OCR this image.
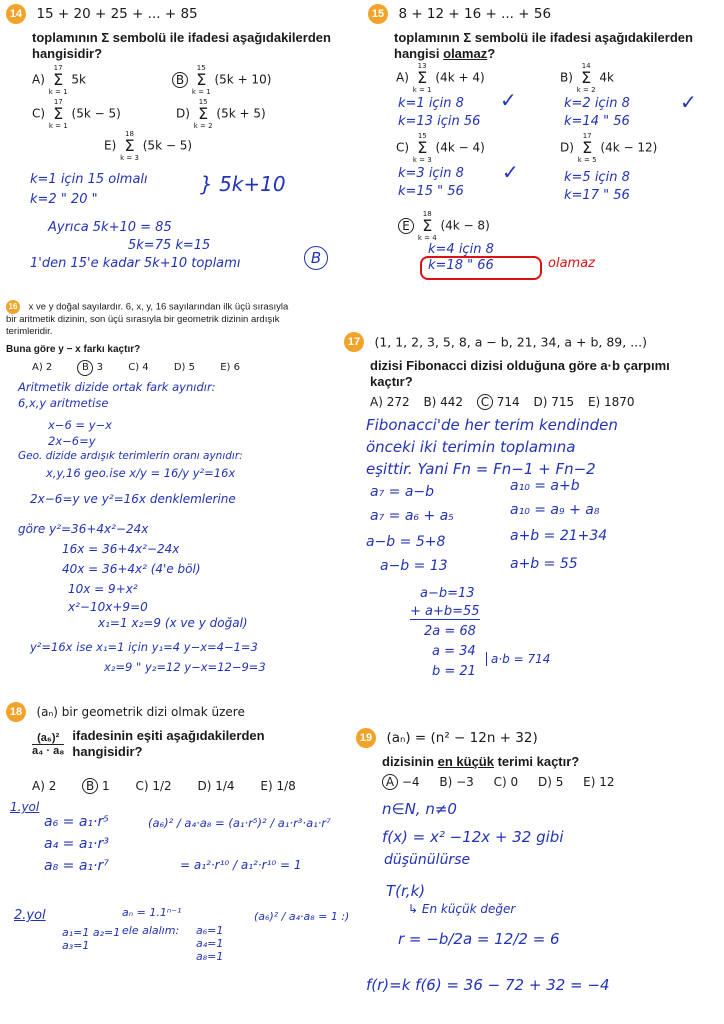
14 15 + 20 + 25 + ... + 85
toplamının Σ sembolü ile ifadesi aşağıdakilerden hangisidir?
A)
17
Σ
k = 1
5k	B
15
Σ
k = 1
(5k + 10)
C)
17
Σ
k = 1
(5k − 5)	D)
15
Σ
k = 2
(5k + 5)
E)
18
Σ
k = 3
(5k − 5)
k=1 için 15 olmalı
k=2 " 20 "
} 5k+10
Ayrıca 5k+10 = 85
5k=75 k=15
1'den 15'e kadar 5k+10 toplamı	B
15 8 + 12 + 16 + ... + 56
toplamının Σ sembolü ile ifadesi aşağıdakilerden hangisi olamaz?
A)
13
Σ
k = 1
(4k + 4)	B)
14
Σ
k = 2
4k
k=1 için 8
k=13 için 56
✓	k=2 için 8
k=14 " 56
✓
C)
15
Σ
k = 3
(4k − 4)	D)
17
Σ
k = 5
(4k − 12)
k=3 için 8
k=15 " 56
✓	k=5 için 8
k=17 " 56
E
18
Σ
k = 4
(4k − 8)
k=4 için 8
k=18 " 66	olamaz
16 x ve y doğal sayılardır. 6, x, y, 16 sayılarından ilk üçü sırasıyla bir aritmetik dizinin, son üçü sırasıyla bir geometrik dizinin ardışık terimleridir.
Buna göre y − x farkı kaçtır?
A) 2	B 3	C) 4	D) 5	E) 6
Aritmetik dizide ortak fark aynıdır:
6,x,y aritmetise
x−6 = y−x
2x−6=y
Geo. dizide ardışık terimlerin oranı aynıdır:
x,y,16 geo.ise x/y = 16/y y²=16x
2x−6=y ve y²=16x denklemlerine
göre y²=36+4x²−24x
16x = 36+4x²−24x
40x = 36+4x² (4'e böl)
10x = 9+x²
x²−10x+9=0
x₁=1 x₂=9 (x ve y doğal)
y²=16x ise x₁=1 için y₁=4 y−x=4−1=3
x₂=9 " y₂=12 y−x=12−9=3
17 (1, 1, 2, 3, 5, 8, a − b, 21, 34, a + b, 89, ...)
dizisi Fibonacci dizisi olduğuna göre a·b çarpımı kaçtır?
A) 272 B) 442 C 714 D) 715 E) 1870
Fibonacci'de her terim kendinden
önceki iki terimin toplamına
eşittir. Yani Fn = Fn−1 + Fn−2
a₇ = a−b	a₁₀ = a+b
a₇ = a₆ + a₅	a₁₀ = a₉ + a₈
a−b = 5+8	a+b = 21+34
a−b = 13	a+b = 55
a−b=13
+ a+b=55
2a = 68
a = 34
b = 21
a·b = 714
18 (aₙ) bir geometrik dizi olmak üzere
(a₆)²
a₄ · a₈
ifadesinin eşiti aşağıdakilerden hangisidir?
A) 2 B 1 C) 1/2 D) 1/4 E) 1/8
1.yol
a₆ = a₁·r⁵
a₄ = a₁·r³
a₈ = a₁·r⁷
(a₆)² / a₄·a₈ = (a₁·r⁵)² / a₁·r³·a₁·r⁷
= a₁²·r¹⁰ / a₁²·r¹⁰ = 1
2.yol
a₁=1 a₂=1 a₃=1
aₙ = 1.1ⁿ⁻¹
ele alalım: a₆=1 a₄=1 a₈=1
(a₆)² / a₄·a₈ = 1 :)
19 (aₙ) = (n² − 12n + 32)
dizisinin en küçük terimi kaçtır?
A −4 B) −3 C) 0 D) 5 E) 12
n∈N, n≠0
f(x) = x² −12x + 32 gibi
düşünülürse
T(r,k)
↳ En küçük değer
r = −b/2a = 12/2 = 6
f(r)=k f(6) = 36 − 72 + 32 = −4
